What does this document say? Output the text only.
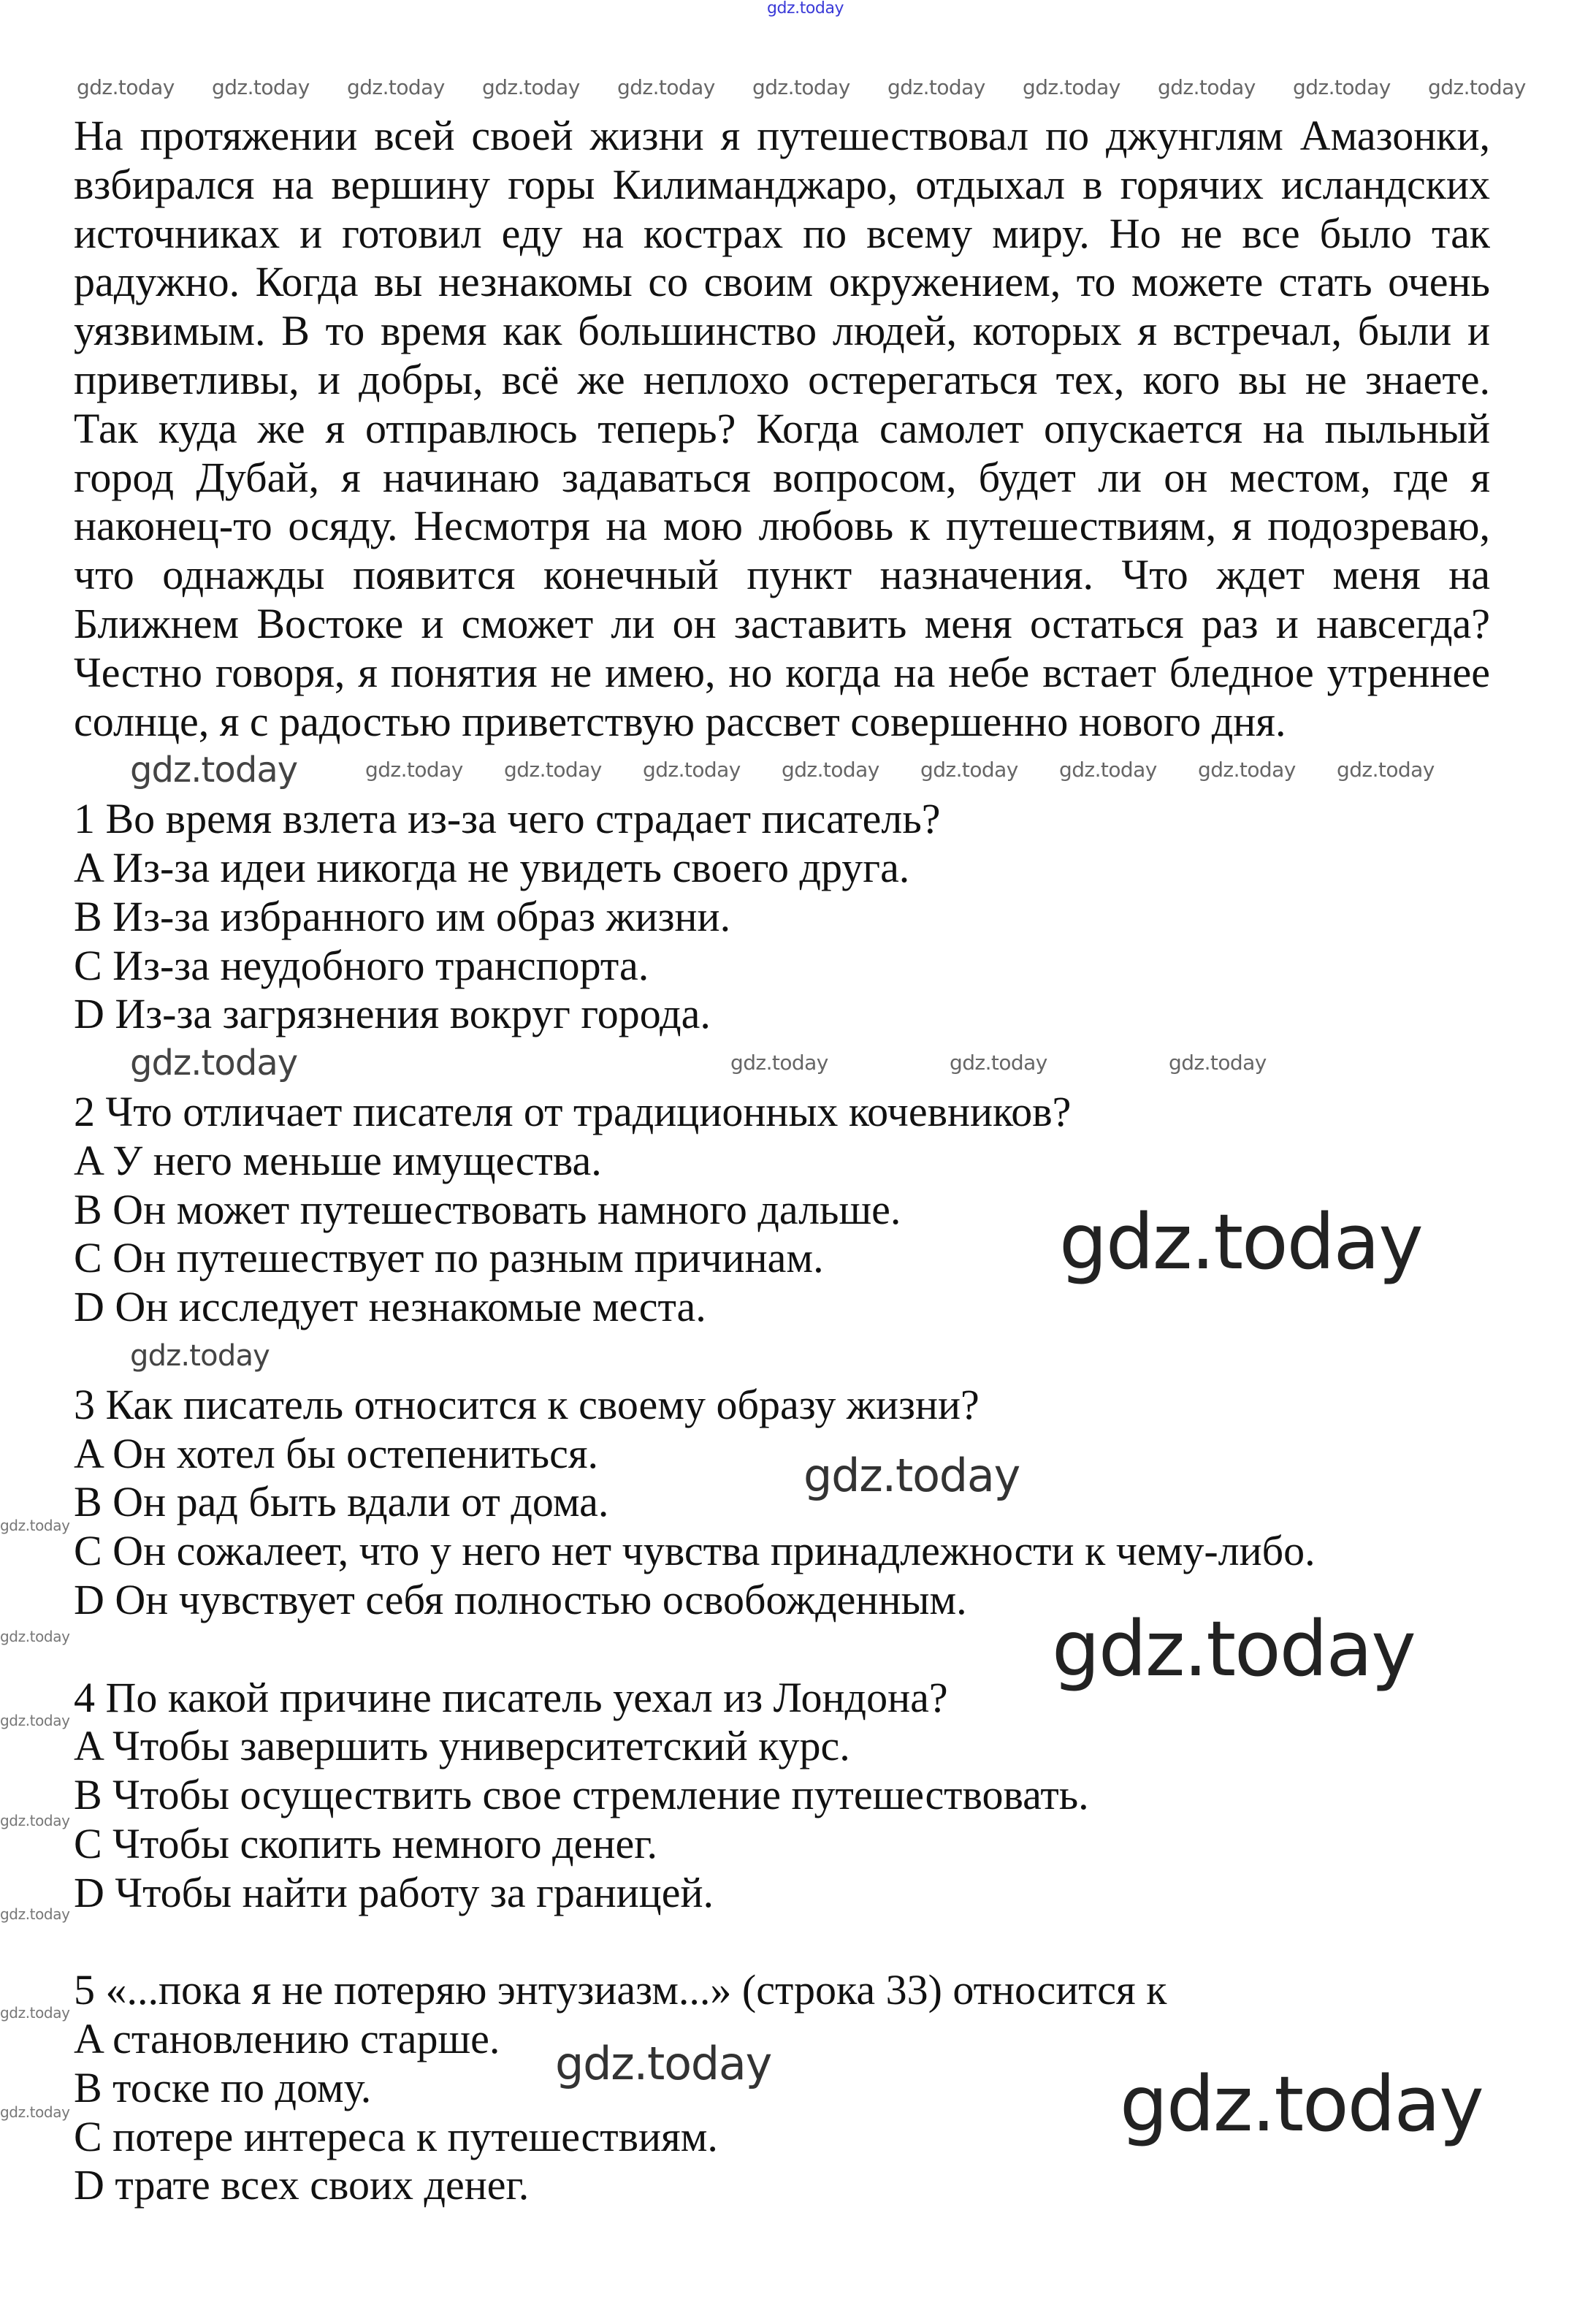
gdz.today
На протяжении всей своей жизни я путешествовал по джунглям Амазонки,
взбирался на вершину горы Килиманджаро, отдыхал в горячих исландских
источниках и готовил еду на кострах по всему миру. Но не все было так
радужно. Когда вы незнакомы со своим окружением, то можете стать очень
уязвимым. В то время как большинство людей, которых я встречал, были и
приветливы, и добры, всё же неплохо остерегаться тех, кого вы не знаете.
Так куда же я отправлюсь теперь? Когда самолет опускается на пыльный
город Дубай, я начинаю задаваться вопросом, будет ли он местом, где я
наконец-то осяду. Несмотря на мою любовь к путешествиям, я подозреваю,
что однажды появится конечный пункт назначения. Что ждет меня на
Ближнем Востоке и сможет ли он заставить меня остаться раз и навсегда?
Честно говоря, я понятия не имею, но когда на небе встает бледное утреннее
солнце, я с радостью приветствую рассвет совершенно нового дня.
1 Во время взлета из-за чего страдает писатель?
A Из-за идеи никогда не увидеть своего друга.
B Из-за избранного им образ жизни.
C Из-за неудобного транспорта.
D Из-за загрязнения вокруг города.
2 Что отличает писателя от традиционных кочевников?
A У него меньше имущества.
B Он может путешествовать намного дальше.
C Он путешествует по разным причинам.
D Он исследует незнакомые места.
3 Как писатель относится к своему образу жизни?
A Он хотел бы остепениться.
B Он рад быть вдали от дома.
C Он сожалеет, что у него нет чувства принадлежности к чему-либо.
D Он чувствует себя полностью освобожденным.
4 По какой причине писатель уехал из Лондона?
A Чтобы завершить университетский курс.
B Чтобы осуществить свое стремление путешествовать.
C Чтобы скопить немного денег.
D Чтобы найти работу за границей.
5 «...пока я не потеряю энтузиазм...» (строка 33) относится к
A становлению старше.
B тоске по дому.
C потере интереса к путешествиям.
D трате всех своих денег.
gdz.today gdz.today gdz.today gdz.today gdz.today gdz.today gdz.today gdz.today gdz.today gdz.today gdz.today
gdz.today gdz.today gdz.today gdz.today gdz.today gdz.today gdz.today gdz.today
gdz.today	gdz.today	gdz.today
gdz.today
gdz.today
gdz.today
gdz.today
gdz.today
gdz.today
gdz.today
gdz.today
gdz.today
gdz.today
gdz.today
gdz.today
gdz.today
gdz.today
gdz.today
